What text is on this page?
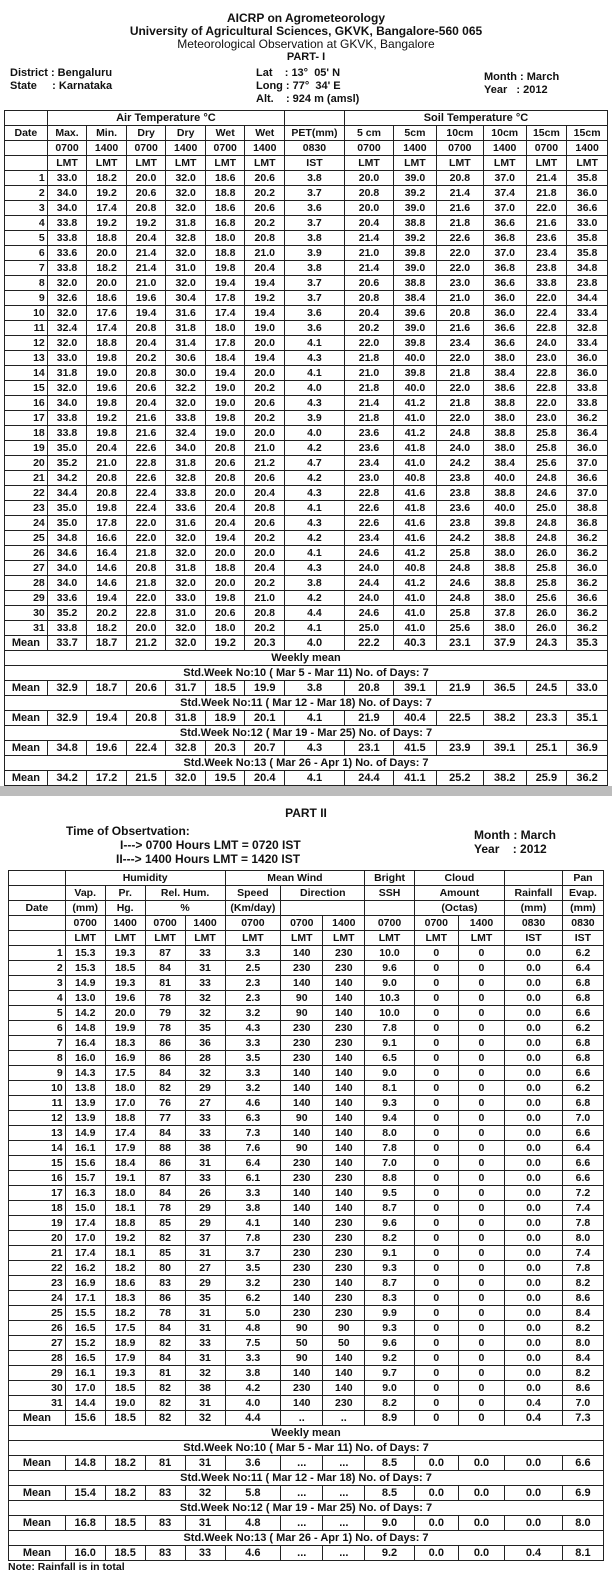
AICRP on Agrometeorology
University of Agricultural Sciences, GKVK, Bangalore-560 065
Meteorological Observation at GKVK, Bangalore
PART- I
District : Bengaluru
State     : Karnataka
Lat    : 13°  05' N
Long : 77°  34' E
Alt.    : 924 m (amsl)
Month : March
Year   : 2012
	Air Temperature °C							Soil Temperature °C					
Date	Max.	Min.	Dry	Dry	Wet	Wet	PET(mm)	5 cm	5cm	10cm	10cm	15cm	15cm
	0700	1400	0700	1400	0700	1400	0830	0700	1400	0700	1400	0700	1400
	LMT	LMT	LMT	LMT	LMT	LMT	IST	LMT	LMT	LMT	LMT	LMT	LMT
1	33.0	18.2	20.0	32.0	18.6	20.6	3.8	20.0	39.0	20.8	37.0	21.4	35.8
2	34.0	19.2	20.6	32.0	18.8	20.2	3.7	20.8	39.2	21.4	37.4	21.8	36.0
3	34.0	17.4	20.8	32.0	18.6	20.6	3.6	20.0	39.0	21.6	37.0	22.0	36.6
4	33.8	19.2	19.2	31.8	16.8	20.2	3.7	20.4	38.8	21.8	36.6	21.6	33.0
5	33.8	18.8	20.4	32.8	18.0	20.8	3.8	21.4	39.2	22.6	36.8	23.6	35.8
6	33.6	20.0	21.4	32.0	18.8	21.0	3.9	21.0	39.8	22.0	37.0	23.4	35.8
7	33.8	18.2	21.4	31.0	19.8	20.4	3.8	21.4	39.0	22.0	36.8	23.8	34.8
8	32.0	20.0	21.0	32.0	19.4	19.4	3.7	20.6	38.8	23.0	36.6	33.8	23.8
9	32.6	18.6	19.6	30.4	17.8	19.2	3.7	20.8	38.4	21.0	36.0	22.0	34.4
10	32.0	17.6	19.4	31.6	17.4	19.4	3.6	20.4	39.6	20.8	36.0	22.4	33.4
11	32.4	17.4	20.8	31.8	18.0	19.0	3.6	20.2	39.0	21.6	36.6	22.8	32.8
12	32.0	18.8	20.4	31.4	17.8	20.0	4.1	22.0	39.8	23.4	36.6	24.0	33.4
13	33.0	19.8	20.2	30.6	18.4	19.4	4.3	21.8	40.0	22.0	38.0	23.0	36.0
14	31.8	19.0	20.8	30.0	19.4	20.0	4.1	21.0	39.8	21.8	38.4	22.8	36.0
15	32.0	19.6	20.6	32.2	19.0	20.2	4.0	21.8	40.0	22.0	38.6	22.8	33.8
16	34.0	19.8	20.4	32.0	19.0	20.6	4.3	21.4	41.2	21.8	38.8	22.0	33.8
17	33.8	19.2	21.6	33.8	19.8	20.2	3.9	21.8	41.0	22.0	38.0	23.0	36.2
18	33.8	19.8	21.6	32.4	19.0	20.0	4.0	23.6	41.2	24.8	38.8	25.8	36.4
19	35.0	20.4	22.6	34.0	20.8	21.0	4.2	23.6	41.8	24.0	38.0	25.8	36.0
20	35.2	21.0	22.8	31.8	20.6	21.2	4.7	23.4	41.0	24.2	38.4	25.6	37.0
21	34.2	20.8	22.6	32.8	20.8	20.6	4.2	23.0	40.8	23.8	40.0	24.8	36.6
22	34.4	20.8	22.4	33.8	20.0	20.4	4.3	22.8	41.6	23.8	38.8	24.6	37.0
23	35.0	19.8	22.4	33.6	20.4	20.8	4.1	22.6	41.8	23.6	40.0	25.0	38.8
24	35.0	17.8	22.0	31.6	20.4	20.6	4.3	22.6	41.6	23.8	39.8	24.8	36.8
25	34.8	16.6	22.0	32.0	19.4	20.2	4.2	23.4	41.6	24.2	38.8	24.8	36.2
26	34.6	16.4	21.8	32.0	20.0	20.0	4.1	24.6	41.2	25.8	38.0	26.0	36.2
27	34.0	14.6	20.8	31.8	18.8	20.4	4.3	24.0	40.8	24.8	38.8	25.8	36.0
28	34.0	14.6	21.8	32.0	20.0	20.2	3.8	24.4	41.2	24.6	38.8	25.8	36.2
29	33.6	19.4	22.0	33.0	19.8	21.0	4.2	24.0	41.0	24.8	38.0	25.6	36.6
30	35.2	20.2	22.8	31.0	20.6	20.8	4.4	24.6	41.0	25.8	37.8	26.0	36.2
31	33.8	18.2	20.0	32.0	18.0	20.2	4.1	25.0	41.0	25.6	38.0	26.0	36.2
Mean	33.7	18.7	21.2	32.0	19.2	20.3	4.0	22.2	40.3	23.1	37.9	24.3	35.3
Weekly mean													
Std.Week No:10 ( Mar 5 - Mar 11) No. of Days: 7													
Mean	32.9	18.7	20.6	31.7	18.5	19.9	3.8	20.8	39.1	21.9	36.5	24.5	33.0
Std.Week No:11 ( Mar 12 - Mar 18) No. of Days: 7													
Mean	32.9	19.4	20.8	31.8	18.9	20.1	4.1	21.9	40.4	22.5	38.2	23.3	35.1
Std.Week No:12 ( Mar 19 - Mar 25) No. of Days: 7													
Mean	34.8	19.6	22.4	32.8	20.3	20.7	4.3	23.1	41.5	23.9	39.1	25.1	36.9
Std.Week No:13 ( Mar 26 - Apr 1) No. of Days: 7													
Mean	34.2	17.2	21.5	32.0	19.5	20.4	4.1	24.4	41.1	25.2	38.2	25.9	36.2
PART II
Time of Obsertvation:
I---> 0700 Hours LMT = 0720 IST
II---> 1400 Hours LMT = 1420 IST
Month : March
Year    : 2012
	Humidity				Mean Wind			Bright	Cloud			Pan
	Vap.	Pr.	Rel. Hum.		Speed	Direction		SSH	Amount		Rainfall	Evap.
Date	(mm)	Hg.	%		(Km/day)				(Octas)		(mm)	(mm)
	0700	1400	0700	1400	0700	0700	1400	0700	0700	1400	0830	0830
	LMT	LMT	LMT	LMT	LMT	LMT	LMT	LMT	LMT	LMT	IST	IST
1	15.3	19.3	87	33	3.3	140	230	10.0	0	0	0.0	6.2
2	15.3	18.5	84	31	2.5	230	230	9.6	0	0	0.0	6.4
3	14.9	19.3	81	33	2.3	140	140	9.0	0	0	0.0	6.8
4	13.0	19.6	78	32	2.3	90	140	10.3	0	0	0.0	6.8
5	14.2	20.0	79	32	3.2	90	140	10.0	0	0	0.0	6.6
6	14.8	19.9	78	35	4.3	230	230	7.8	0	0	0.0	6.2
7	16.4	18.3	86	36	3.3	230	230	9.1	0	0	0.0	6.8
8	16.0	16.9	86	28	3.5	230	140	6.5	0	0	0.0	6.8
9	14.3	17.5	84	32	3.3	140	140	9.0	0	0	0.0	6.6
10	13.8	18.0	82	29	3.2	140	140	8.1	0	0	0.0	6.2
11	13.9	17.0	76	27	4.6	140	140	9.3	0	0	0.0	6.8
12	13.9	18.8	77	33	6.3	90	140	9.4	0	0	0.0	7.0
13	14.9	17.4	84	33	7.3	140	140	8.0	0	0	0.0	6.6
14	16.1	17.9	88	38	7.6	90	140	7.8	0	0	0.0	6.4
15	15.6	18.4	86	31	6.4	230	140	7.0	0	0	0.0	6.6
16	15.7	19.1	87	33	6.1	230	230	8.8	0	0	0.0	6.6
17	16.3	18.0	84	26	3.3	140	140	9.5	0	0	0.0	7.2
18	15.0	18.1	78	29	3.8	140	140	8.7	0	0	0.0	7.4
19	17.4	18.8	85	29	4.1	140	230	9.6	0	0	0.0	7.8
20	17.0	19.2	82	37	7.8	230	230	8.2	0	0	0.0	8.0
21	17.4	18.1	85	31	3.7	230	230	9.1	0	0	0.0	7.4
22	16.2	18.2	80	27	3.5	230	230	9.3	0	0	0.0	7.8
23	16.9	18.6	83	29	3.2	230	140	8.7	0	0	0.0	8.2
24	17.1	18.3	86	35	6.2	140	230	8.3	0	0	0.0	8.6
25	15.5	18.2	78	31	5.0	230	230	9.9	0	0	0.0	8.4
26	16.5	17.5	84	31	4.8	90	90	9.3	0	0	0.0	8.2
27	15.2	18.9	82	33	7.5	50	50	9.6	0	0	0.0	8.0
28	16.5	17.9	84	31	3.3	90	140	9.2	0	0	0.0	8.4
29	16.1	19.3	81	32	3.8	140	140	9.7	0	0	0.0	8.2
30	17.0	18.5	82	38	4.2	230	140	9.0	0	0	0.0	8.6
31	14.4	19.0	82	31	4.0	140	230	8.2	0	0	0.4	7.0
Mean	15.6	18.5	82	32	4.4	..	..	8.9	0	0	0.4	7.3
Weekly mean												
Std.Week No:10 ( Mar 5 - Mar 11) No. of Days: 7												
Mean	14.8	18.2	81	31	3.6	...	...	8.5	0.0	0.0	0.0	6.6
Std.Week No:11 ( Mar 12 - Mar 18) No. of Days: 7												
Mean	15.4	18.2	83	32	5.8	...	...	8.5	0.0	0.0	0.0	6.9
Std.Week No:12 ( Mar 19 - Mar 25) No. of Days: 7												
Mean	16.8	18.5	83	31	4.8	...	...	9.0	0.0	0.0	0.0	8.0
Std.Week No:13 ( Mar 26 - Apr 1) No. of Days: 7												
Mean	16.0	18.5	83	33	4.6	...	...	9.2	0.0	0.0	0.4	8.1
Note: Rainfall is in total
